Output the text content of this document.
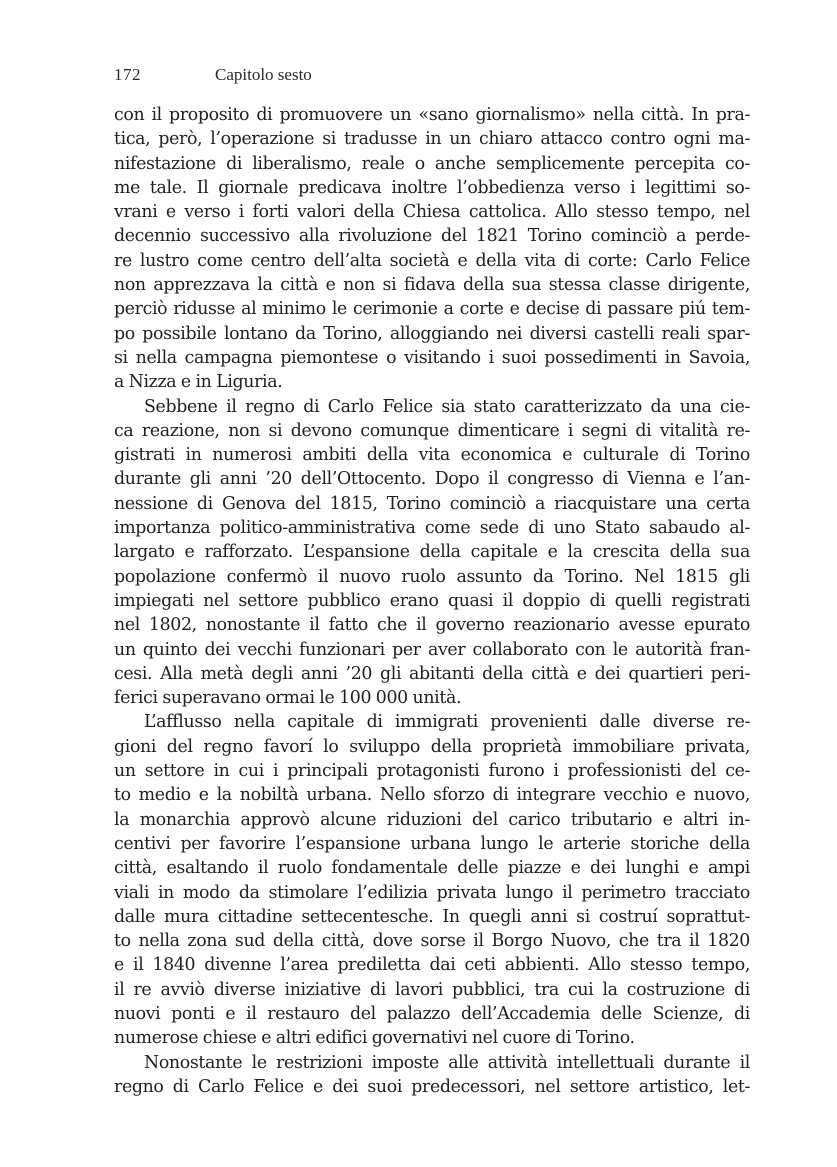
172	Capitolo sesto
con il proposito di promuovere un «sano giornalismo» nella città. In pra-
tica, però, l’operazione si tradusse in un chiaro attacco contro ogni ma-
nifestazione di liberalismo, reale o anche semplicemente percepita co-
me tale. Il giornale predicava inoltre l’obbedienza verso i legittimi so-
vrani e verso i forti valori della Chiesa cattolica. Allo stesso tempo, nel
decennio successivo alla rivoluzione del 1821 Torino cominciò a perde-
re lustro come centro dell’alta società e della vita di corte: Carlo Felice
non apprezzava la città e non si fidava della sua stessa classe dirigente,
perciò ridusse al minimo le cerimonie a corte e decise di passare piú tem-
po possibile lontano da Torino, alloggiando nei diversi castelli reali spar-
si nella campagna piemontese o visitando i suoi possedimenti in Savoia,
a Nizza e in Liguria.
Sebbene il regno di Carlo Felice sia stato caratterizzato da una cie-
ca reazione, non si devono comunque dimenticare i segni di vitalità re-
gistrati in numerosi ambiti della vita economica e culturale di Torino
durante gli anni ’20 dell’Ottocento. Dopo il congresso di Vienna e l’an-
nessione di Genova del 1815, Torino cominciò a riacquistare una certa
importanza politico-amministrativa come sede di uno Stato sabaudo al-
largato e rafforzato. L’espansione della capitale e la crescita della sua
popolazione confermò il nuovo ruolo assunto da Torino. Nel 1815 gli
impiegati nel settore pubblico erano quasi il doppio di quelli registrati
nel 1802, nonostante il fatto che il governo reazionario avesse epurato
un quinto dei vecchi funzionari per aver collaborato con le autorità fran-
cesi. Alla metà degli anni ’20 gli abitanti della città e dei quartieri peri-
ferici superavano ormai le 100 000 unità.
L’afflusso nella capitale di immigrati provenienti dalle diverse re-
gioni del regno favorí lo sviluppo della proprietà immobiliare privata,
un settore in cui i principali protagonisti furono i professionisti del ce-
to medio e la nobiltà urbana. Nello sforzo di integrare vecchio e nuovo,
la monarchia approvò alcune riduzioni del carico tributario e altri in-
centivi per favorire l’espansione urbana lungo le arterie storiche della
città, esaltando il ruolo fondamentale delle piazze e dei lunghi e ampi
viali in modo da stimolare l’edilizia privata lungo il perimetro tracciato
dalle mura cittadine settecentesche. In quegli anni si costruí soprattut-
to nella zona sud della città, dove sorse il Borgo Nuovo, che tra il 1820
e il 1840 divenne l’area prediletta dai ceti abbienti. Allo stesso tempo,
il re avviò diverse iniziative di lavori pubblici, tra cui la costruzione di
nuovi ponti e il restauro del palazzo dell’Accademia delle Scienze, di
numerose chiese e altri edifici governativi nel cuore di Torino.
Nonostante le restrizioni imposte alle attività intellettuali durante il
regno di Carlo Felice e dei suoi predecessori, nel settore artistico, let-
